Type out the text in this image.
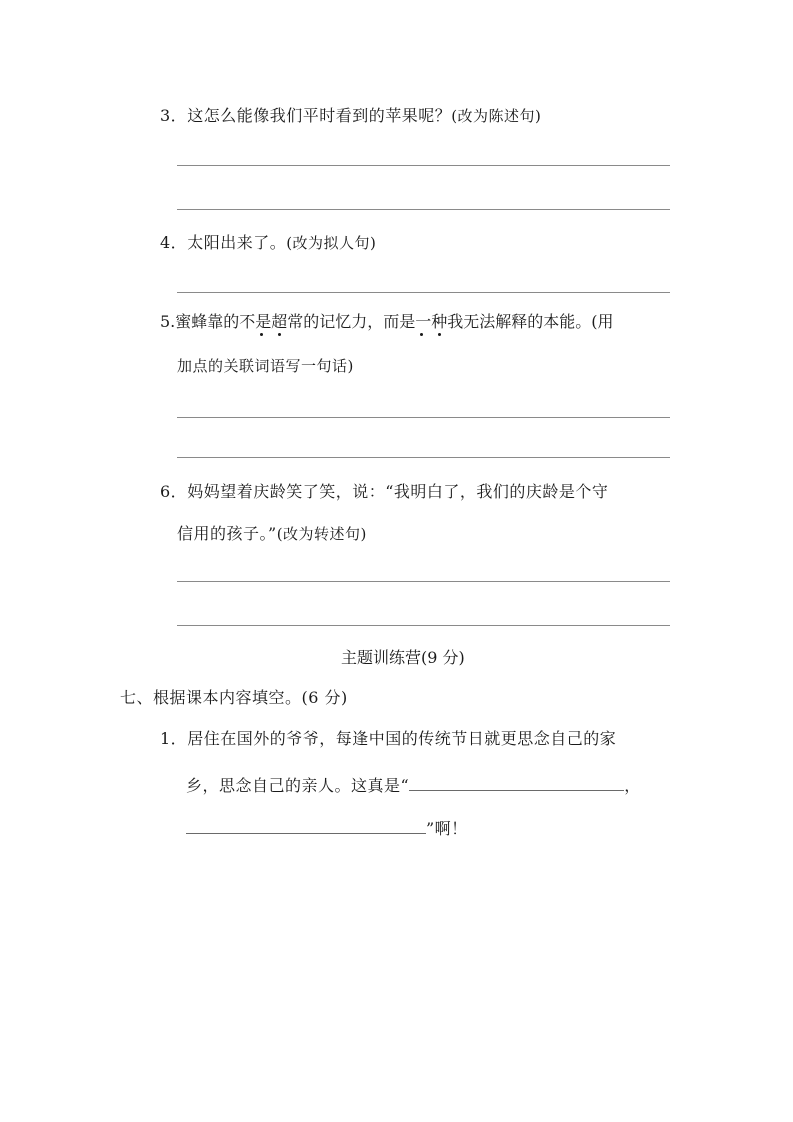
3．这怎么能像我们平时看到的苹果呢？(改为陈述句)
4．太阳出来了。(改为拟人句)
5.蜜蜂靠的不是超常的记忆力，而是一种我无法解释的本能。(用
加点的关联词语写一句话)
6．妈妈望着庆龄笑了笑，说：“我明白了，我们的庆龄是个守
信用的孩子。”(改为转述句)
主题训练营(9 分)
七、根据课本内容填空。(6 分)
1．居住在国外的爷爷，每逢中国的传统节日就更思念自己的家
乡，思念自己的亲人。这真是“	，
”啊！
